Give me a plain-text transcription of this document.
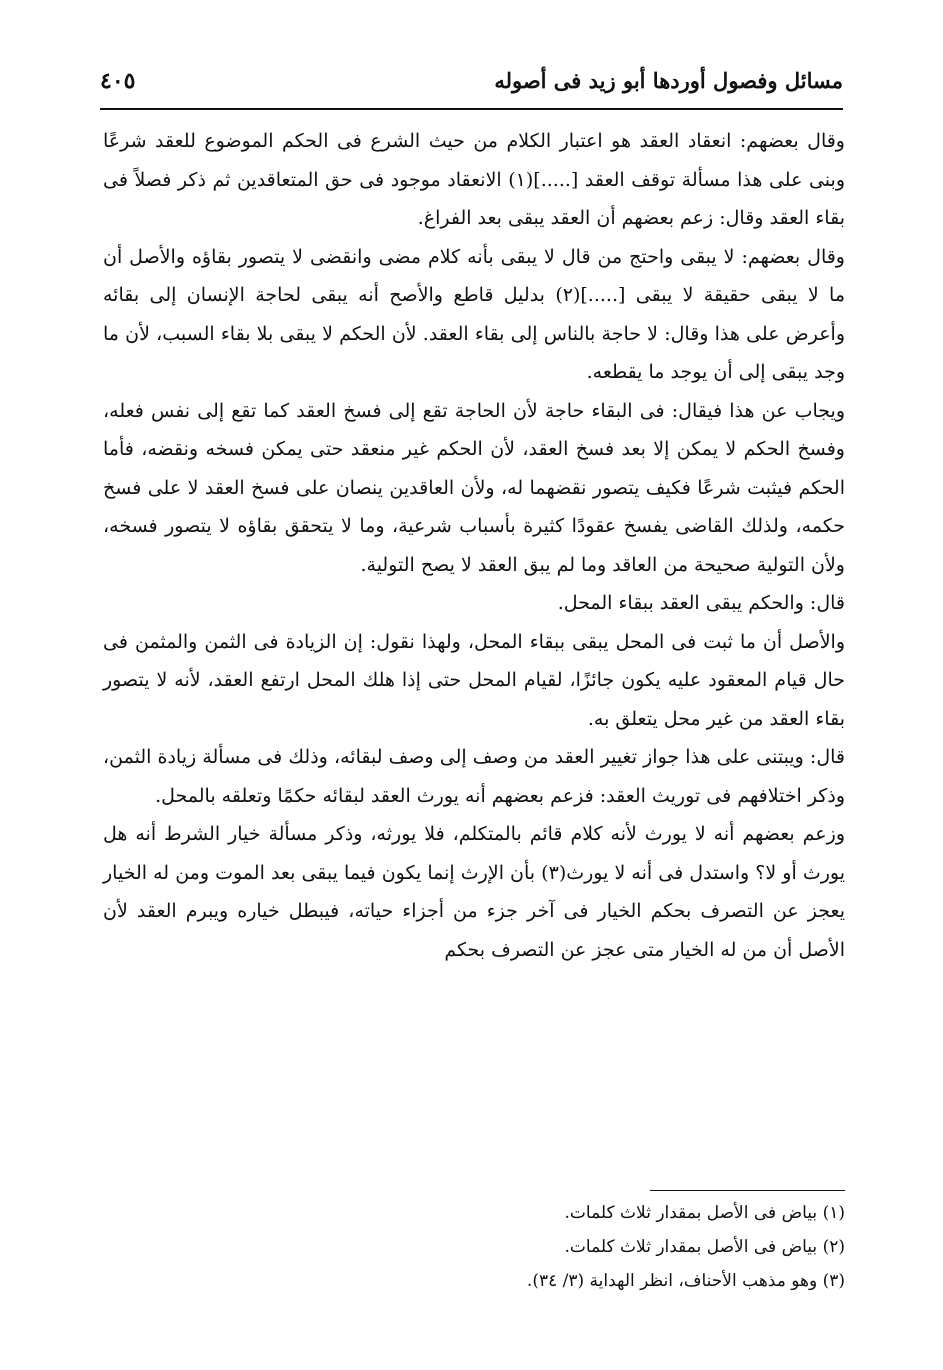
مسائل وفصول أوردها أبو زيد فى أصوله
٤٠٥

وقال بعضهم: انعقاد العقد هو اعتبار الكلام من حيث الشرع فى الحكم الموضوع للعقد شرعًا وبنى على هذا مسألة توقف العقد [.....](١) الانعقاد موجود فى حق المتعاقدين ثم ذكر فصلاً فى بقاء العقد وقال: زعم بعضهم أن العقد يبقى بعد الفراغ.

وقال بعضهم: لا يبقى واحتج من قال لا يبقى بأنه كلام مضى وانقضى لا يتصور بقاؤه والأصل أن ما لا يبقى حقيقة لا يبقى [.....](٢) بدليل قاطع والأصح أنه يبقى لحاجة الإنسان إلى بقائه وأعرض على هذا وقال: لا حاجة بالناس إلى بقاء العقد. لأن الحكم لا يبقى بلا بقاء السبب، لأن ما وجد يبقى إلى أن يوجد ما يقطعه.

ويجاب عن هذا فيقال: فى البقاء حاجة لأن الحاجة تقع إلى فسخ العقد كما تقع إلى نفس فعله، وفسخ الحكم لا يمكن إلا بعد فسخ العقد، لأن الحكم غير منعقد حتى يمكن فسخه ونقضه، فأما الحكم فيثبت شرعًا فكيف يتصور نقضهما له، ولأن العاقدين ينصان على فسخ العقد لا على فسخ حكمه، ولذلك القاضى يفسخ عقودًا كثيرة بأسباب شرعية، وما لا يتحقق بقاؤه لا يتصور فسخه، ولأن التولية صحيحة من العاقد وما لم يبق العقد لا يصح التولية.

قال: والحكم يبقى العقد ببقاء المحل.

والأصل أن ما ثبت فى المحل يبقى ببقاء المحل، ولهذا نقول: إن الزيادة فى الثمن والمثمن فى حال قيام المعقود عليه يكون جائزًا، لقيام المحل حتى إذا هلك المحل ارتفع العقد، لأنه لا يتصور بقاء العقد من غير محل يتعلق به.

قال: ويبتنى على هذا جواز تغيير العقد من وصف إلى وصف لبقائه، وذلك فى مسألة زيادة الثمن، وذكر اختلافهم فى توريث العقد: فزعم بعضهم أنه يورث العقد لبقائه حكمًا وتعلقه بالمحل.

وزعم بعضهم أنه لا يورث لأنه كلام قائم بالمتكلم، فلا يورثه، وذكر مسألة خيار الشرط أنه هل يورث أو لا؟ واستدل فى أنه لا يورث(٣) بأن الإرث إنما يكون فيما يبقى بعد الموت ومن له الخيار يعجز عن التصرف بحكم الخيار فى آخر جزء من أجزاء حياته، فيبطل خياره ويبرم العقد لأن الأصل أن من له الخيار متى عجز عن التصرف بحكم

(١) بياض فى الأصل بمقدار ثلاث كلمات.

(٢) بياض فى الأصل بمقدار ثلاث كلمات.

(٣) وهو مذهب الأحناف، انظر الهداية (٣/ ٣٤).
